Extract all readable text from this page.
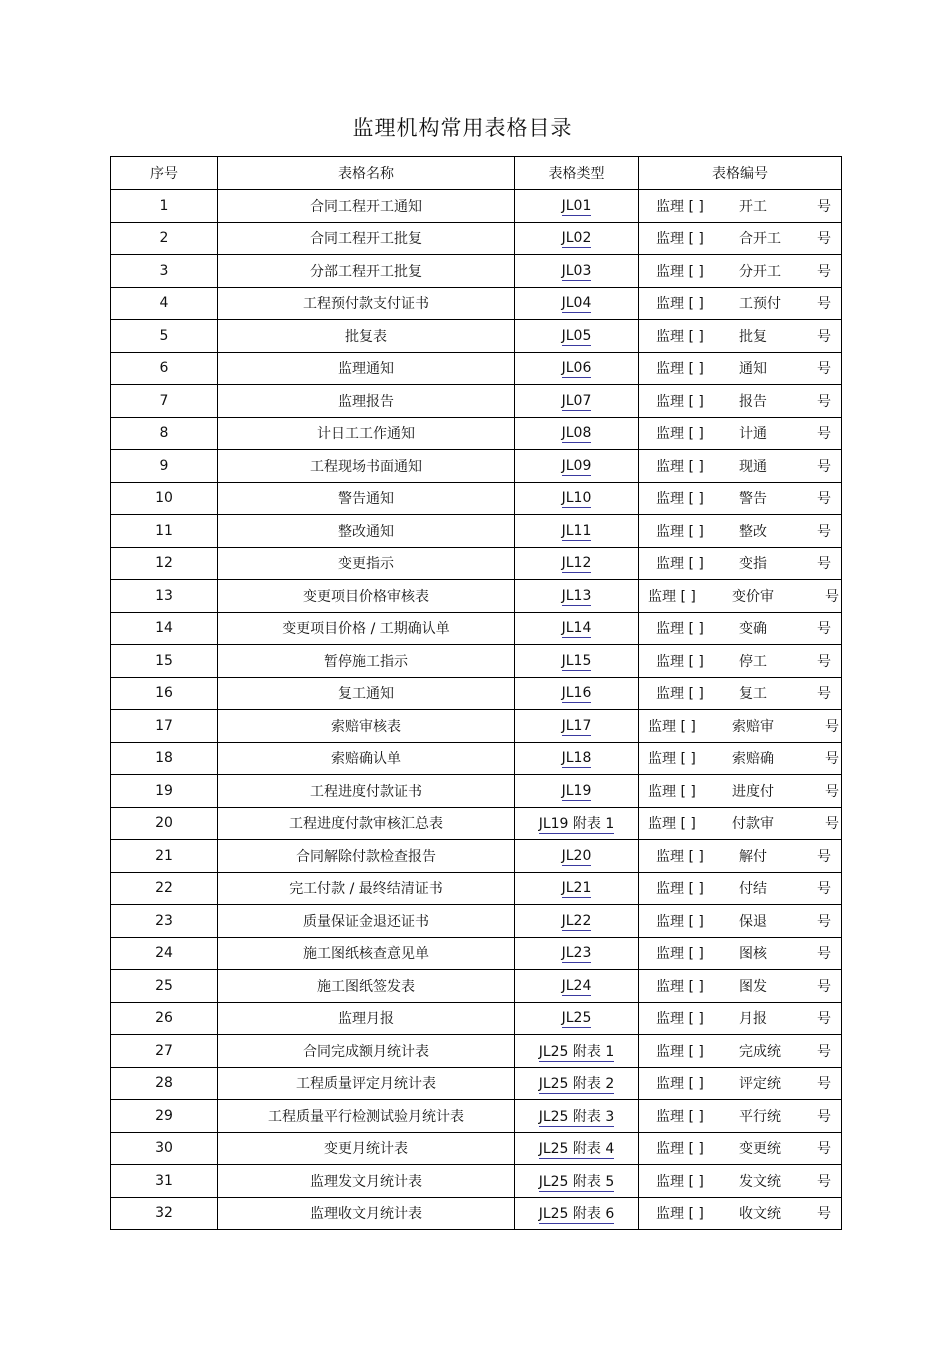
监理机构常用表格目录
序号	表格名称	表格类型	表格编号
1	合同工程开工通知	JL01	监理 [ ] 开工 号

2	合同工程开工批复	JL02	监理 [ ] 合开工 号

3	分部工程开工批复	JL03	监理 [ ] 分开工 号

4	工程预付款支付证书	JL04	监理 [ ] 工预付 号

5	批复表	JL05	监理 [ ] 批复 号

6	监理通知	JL06	监理 [ ] 通知 号

7	监理报告	JL07	监理 [ ] 报告 号

8	计日工工作通知	JL08	监理 [ ] 计通 号

9	工程现场书面通知	JL09	监理 [ ] 现通 号

10	警告通知	JL10	监理 [ ] 警告 号

11	整改通知	JL11	监理 [ ] 整改 号

12	变更指示	JL12	监理 [ ] 变指 号

13	变更项目价格审核表	JL13	监理 [ ] 变价审 号

14	变更项目价格 / 工期确认单	JL14	监理 [ ] 变确 号

15	暂停施工指示	JL15	监理 [ ] 停工 号

16	复工通知	JL16	监理 [ ] 复工 号

17	索赔审核表	JL17	监理 [ ] 索赔审 号

18	索赔确认单	JL18	监理 [ ] 索赔确 号

19	工程进度付款证书	JL19	监理 [ ] 进度付 号

20	工程进度付款审核汇总表	JL19 附表 1	监理 [ ] 付款审 号

21	合同解除付款检查报告	JL20	监理 [ ] 解付 号

22	完工付款 / 最终结清证书	JL21	监理 [ ] 付结 号

23	质量保证金退还证书	JL22	监理 [ ] 保退 号

24	施工图纸核查意见单	JL23	监理 [ ] 图核 号

25	施工图纸签发表	JL24	监理 [ ] 图发 号

26	监理月报	JL25	监理 [ ] 月报 号

27	合同完成额月统计表	JL25 附表 1	监理 [ ] 完成统 号

28	工程质量评定月统计表	JL25 附表 2	监理 [ ] 评定统 号

29	工程质量平行检测试验月统计表	JL25 附表 3	监理 [ ] 平行统 号

30	变更月统计表	JL25 附表 4	监理 [ ] 变更统 号

31	监理发文月统计表	JL25 附表 5	监理 [ ] 发文统 号

32	监理收文月统计表	JL25 附表 6	监理 [ ] 收文统 号
